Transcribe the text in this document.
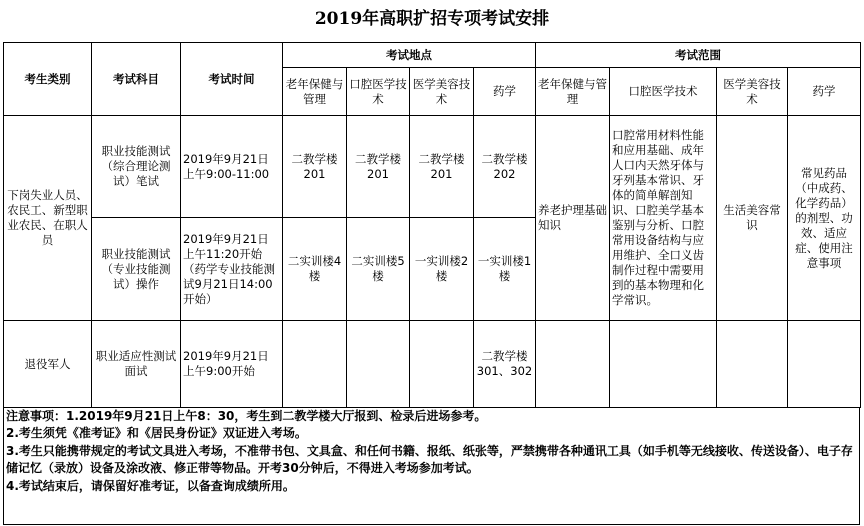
2019年高职扩招专项考试安排
考生类别	考试科目	考试时间	考试地点				考试范围			
			老年保健与管理	口腔医学技术	医学美容技术	药学	老年保健与管理	口腔医学技术	医学美容技术	药学
下岗失业人员、农民工、新型职业农民、在职人员	职业技能测试（综合理论测试）笔试	2019年9月21日上午9:00-11:00	二教学楼201	二教学楼201	二教学楼201	二教学楼202	养老护理基础知识	口腔常用材料性能和应用基础、成年人口内天然牙体与牙列基本常识、牙体的简单解剖知识、口腔美学基本鉴别与分析、口腔常用设备结构与应用维护、全口义齿制作过程中需要用到的基本物理和化学常识。	生活美容常识	常见药品（中成药、化学药品）的剂型、功效、适应症、使用注意事项
	职业技能测试（专业技能测试）操作	2019年9月21日上午11:20开始（药学专业技能测试9月21日14:00开始）	二实训楼4楼	二实训楼5楼	一实训楼2楼	一实训楼1楼				
退役军人	职业适应性测试面试	2019年9月21日上午9:00开始				二教学楼301、302				
注意事项：1.2019年9月21日上午8：30，考生到二教学楼大厅报到、检录后进场参考。
2.考生须凭《准考证》和《居民身份证》双证进入考场。
3.考生只能携带规定的考试文具进入考场，不准带书包、文具盒、和任何书籍、报纸、纸张等，严禁携带各种通讯工具（如手机等无线接收、传送设备）、电子存储记忆（录放）设备及涂改液、修正带等物品。开考30分钟后，不得进入考场参加考试。
4.考试结束后，请保留好准考证，以备查询成绩所用。
